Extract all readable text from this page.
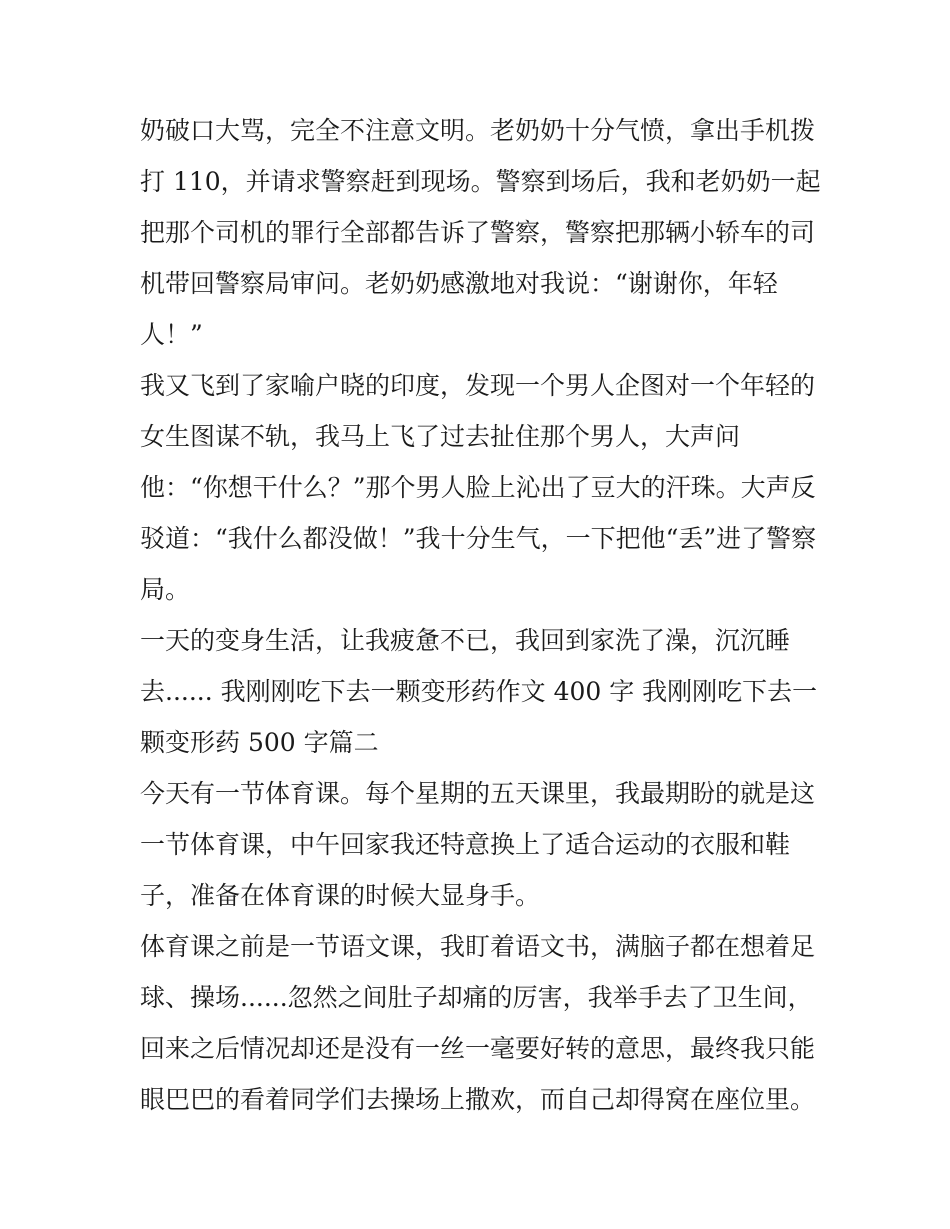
奶破口大骂，完全不注意文明。老奶奶十分气愤，拿出手机拨
打 110，并请求警察赶到现场。警察到场后，我和老奶奶一起
把那个司机的罪行全部都告诉了警察，警察把那辆小轿车的司
机带回警察局审问。老奶奶感激地对我说：“谢谢你，年轻
人！”
我又飞到了家喻户晓的印度，发现一个男人企图对一个年轻的
女生图谋不轨，我马上飞了过去扯住那个男人，大声问
他：“你想干什么？”那个男人脸上沁出了豆大的汗珠。大声反
驳道：“我什么都没做！”我十分生气，一下把他“丢”进了警察
局。
一天的变身生活，让我疲惫不已，我回到家洗了澡，沉沉睡
去...... 我刚刚吃下去一颗变形药作文 400 字 我刚刚吃下去一
颗变形药 500 字篇二
今天有一节体育课。每个星期的五天课里，我最期盼的就是这
一节体育课，中午回家我还特意换上了适合运动的衣服和鞋
子，准备在体育课的时候大显身手。
体育课之前是一节语文课，我盯着语文书，满脑子都在想着足
球、操场......忽然之间肚子却痛的厉害，我举手去了卫生间，
回来之后情况却还是没有一丝一毫要好转的意思，最终我只能
眼巴巴的看着同学们去操场上撒欢，而自己却得窝在座位里。
